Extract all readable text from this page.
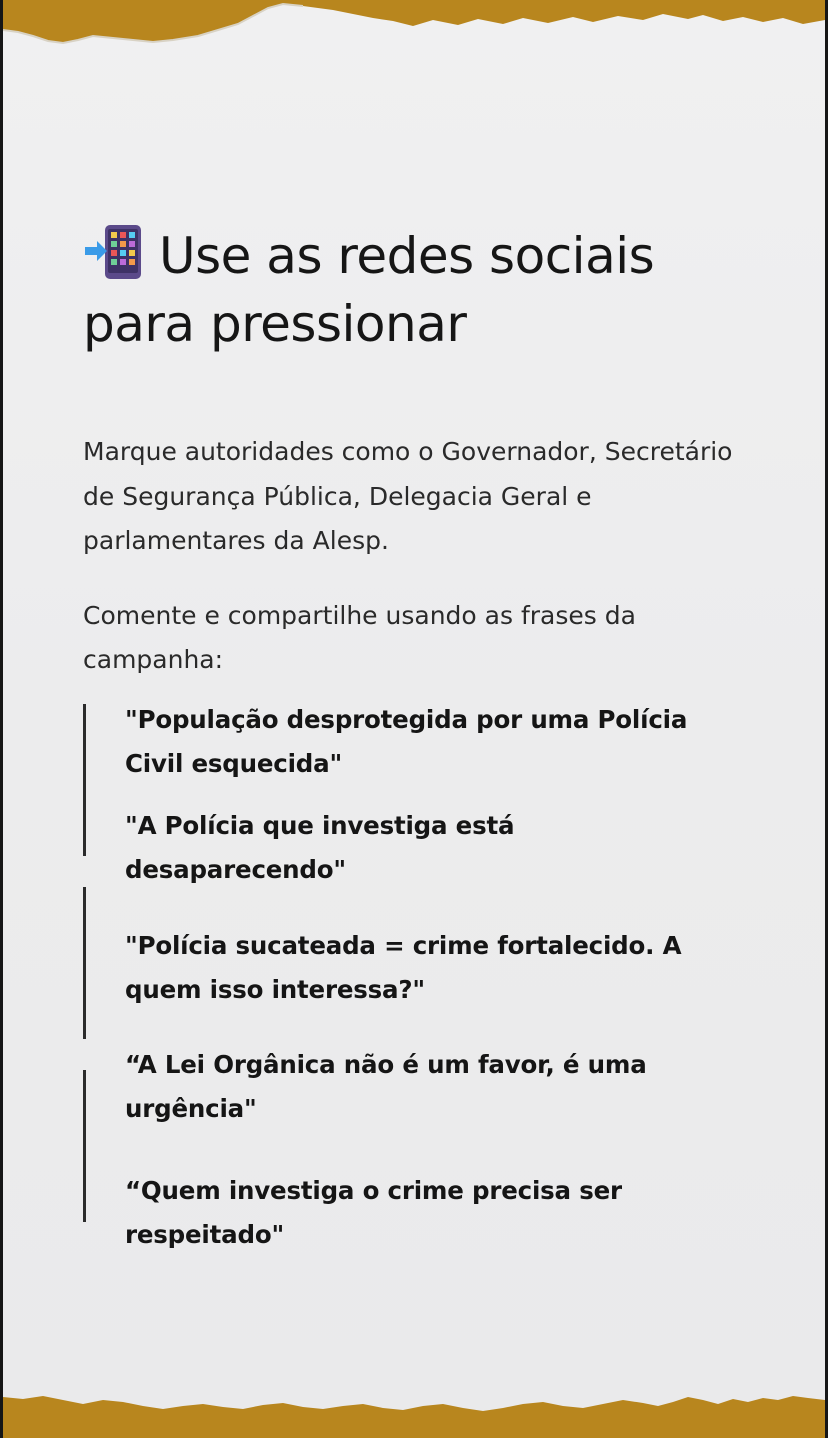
Use as redes sociais
para pressionar

Marque autoridades como o Governador, Secretário de Segurança Pública, Delegacia Geral e parlamentares da Alesp.

Comente e compartilhe usando as frases da campanha:

"População desprotegida por uma Polícia Civil esquecida"

"A Polícia que investiga está desaparecendo"

"Polícia sucateada = crime fortalecido. A quem isso interessa?"

“A Lei Orgânica não é um favor, é uma urgência"

“Quem investiga o crime precisa ser respeitado"
